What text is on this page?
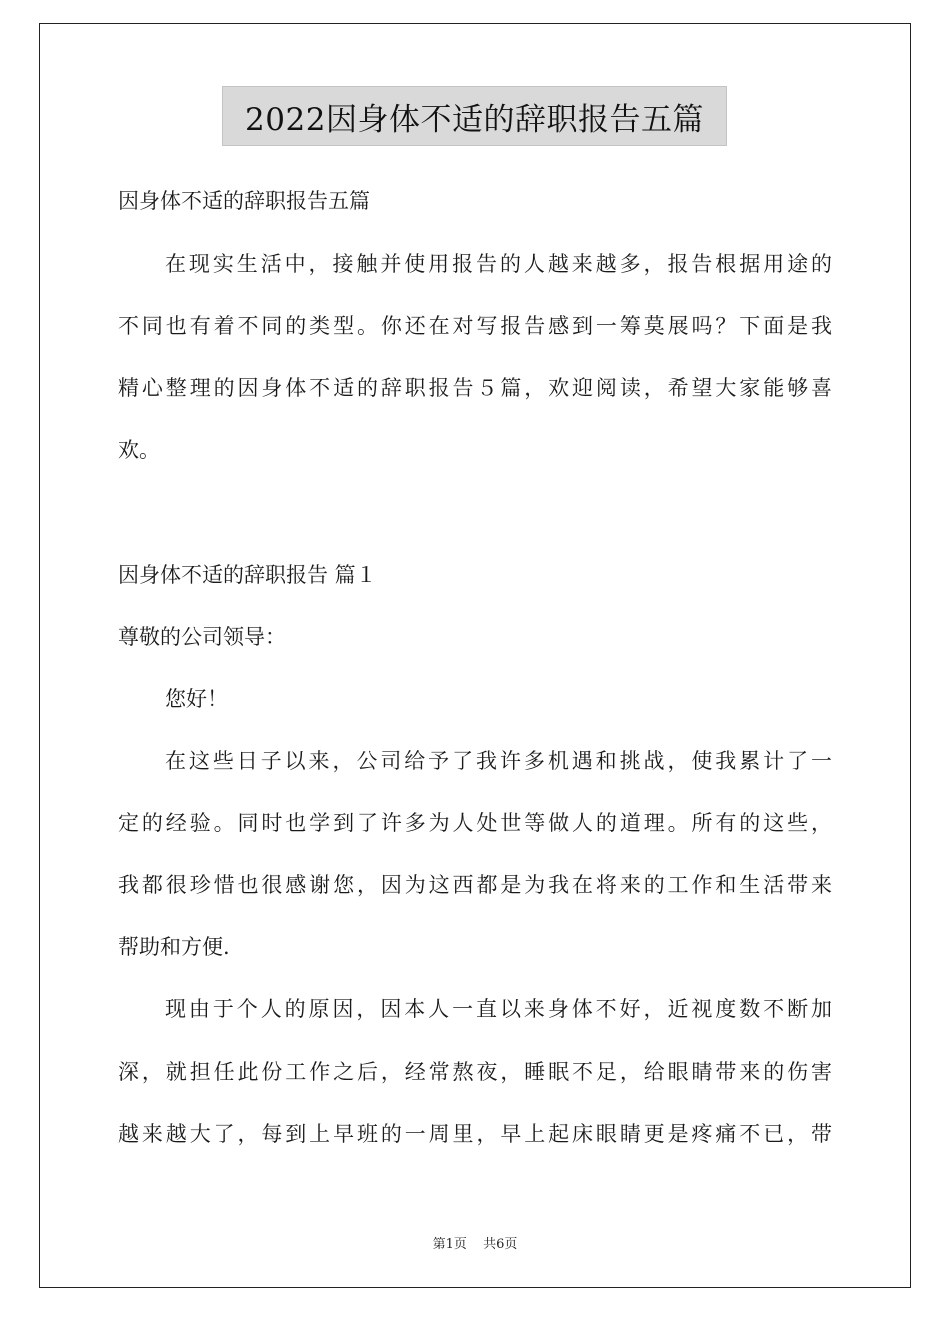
2022因身体不适的辞职报告五篇
因身体不适的辞职报告五篇
在现实生活中，接触并使用报告的人越来越多，报告根据用途的
不同也有着不同的类型。你还在对写报告感到一筹莫展吗？下面是我
精心整理的因身体不适的辞职报告５篇，欢迎阅读，希望大家能够喜
欢。
因身体不适的辞职报告 篇１
尊敬的公司领导：
您好！
在这些日子以来，公司给予了我许多机遇和挑战，使我累计了一
定的经验。同时也学到了许多为人处世等做人的道理。所有的这些，
我都很珍惜也很感谢您，因为这西都是为我在将来的工作和生活带来
帮助和方便.
现由于个人的原因，因本人一直以来身体不好，近视度数不断加
深，就担任此份工作之后，经常熬夜，睡眠不足，给眼睛带来的伤害
越来越大了，每到上早班的一周里，早上起床眼睛更是疼痛不已，带
第1页 共6页
